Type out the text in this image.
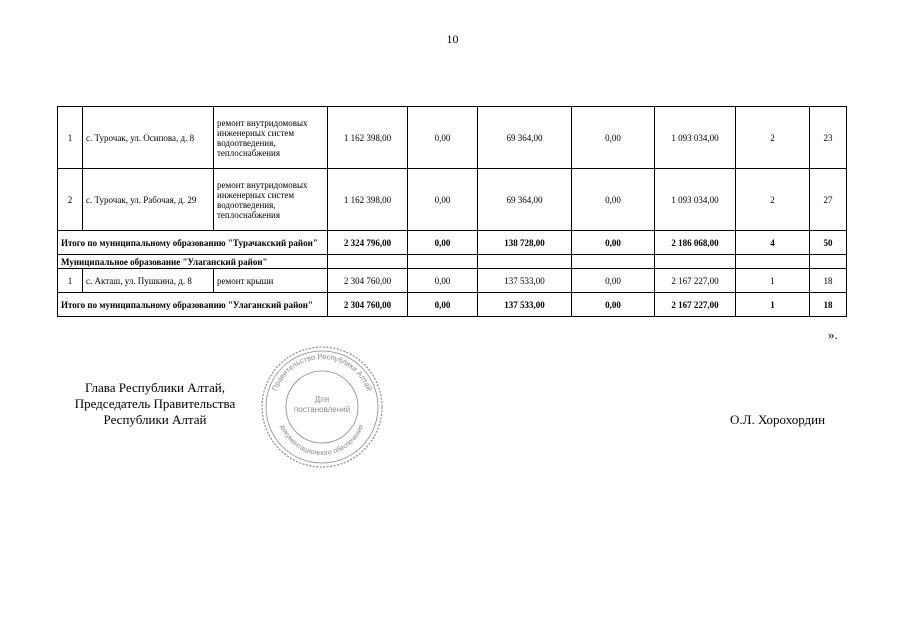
10
1	с. Турочак, ул. Осипова, д. 8	ремонт внутридомовых инженерных систем водоотведения, теплоснабжения	1 162 398,00	0,00	69 364,00	0,00	1 093 034,00	2	23
2	с. Турочак, ул. Рабочая, д. 29	ремонт внутридомовых инженерных систем водоотведения, теплоснабжения	1 162 398,00	0,00	69 364,00	0,00	1 093 034,00	2	27
Итого по муниципальному образованию "Турачакский район"			2 324 796,00	0,00	138 728,00	0,00	2 186 068,00	4	50
Муниципальное образование "Улаганский район"									
1	с. Акташ, ул. Пушкина, д. 8	ремонт крыши	2 304 760,00	0,00	137 533,00	0,00	2 167 227,00	1	18
Итого по муниципальному образованию "Улаганский район"			2 304 760,00	0,00	137 533,00	0,00	2 167 227,00	1	18
».
Глава Республики Алтай,
Председатель Правительства
Республики Алтай
Правительство Республики Алтай
документационного обеспечения
Для
постановлений
О.Л. Хорохордин
